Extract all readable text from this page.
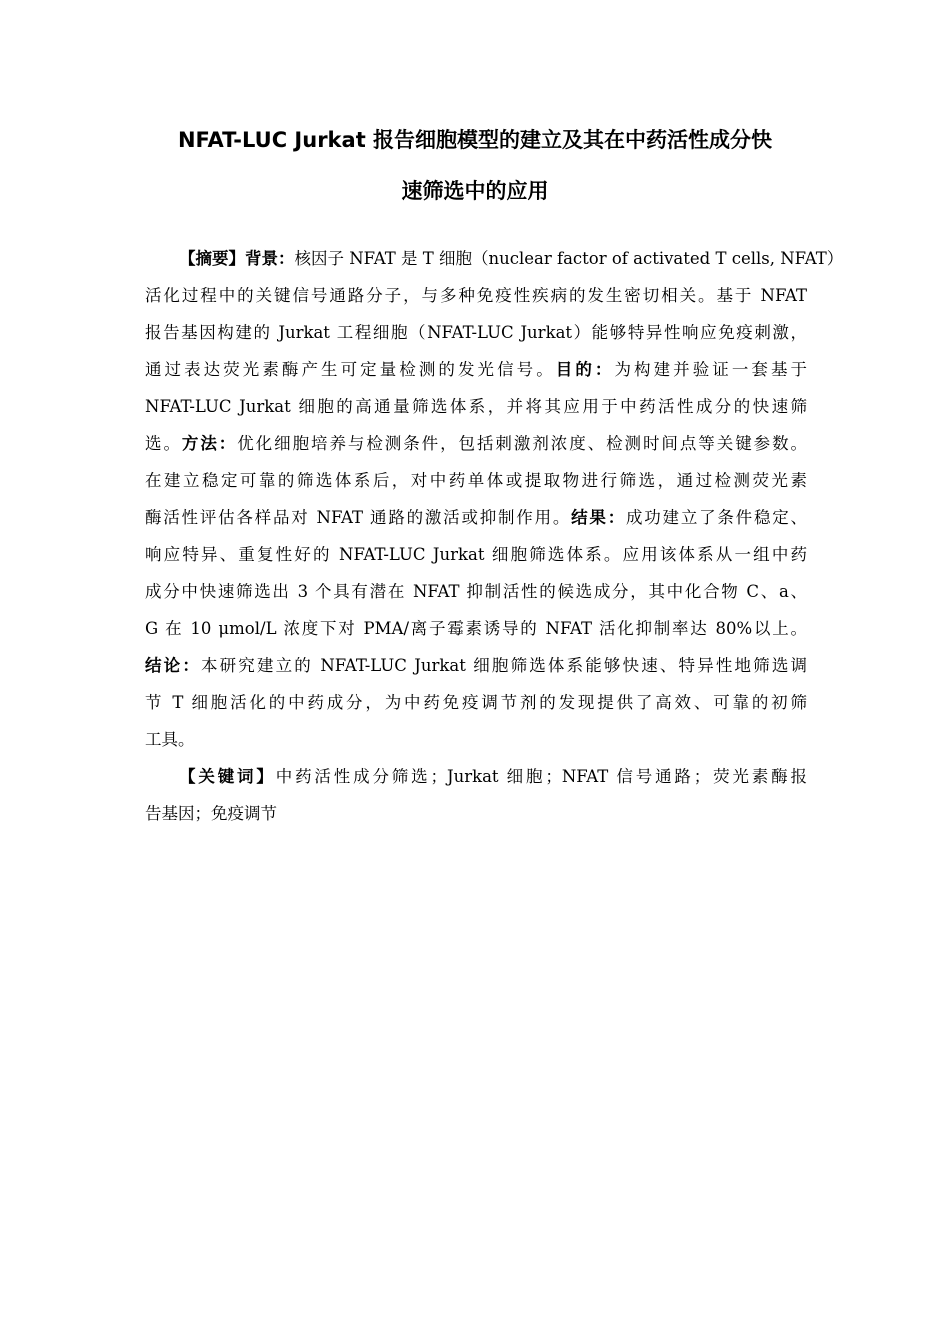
NFAT-LUC Jurkat 报告细胞模型的建立及其在中药活性成分快
速筛选中的应用
【摘要】背景：核因子 NFAT 是 T 细胞（nuclear factor of activated T cells, NFAT）
活化过程中的关键信号通路分子，与多种免疫性疾病的发生密切相关。基于 NFAT
报告基因构建的 Jurkat 工程细胞（NFAT-LUC Jurkat）能够特异性响应免疫刺激，
通过表达荧光素酶产生可定量检测的发光信号。目的：为构建并验证一套基于
NFAT-LUC Jurkat 细胞的高通量筛选体系，并将其应用于中药活性成分的快速筛
选。方法：优化细胞培养与检测条件，包括刺激剂浓度、检测时间点等关键参数。
在建立稳定可靠的筛选体系后，对中药单体或提取物进行筛选，通过检测荧光素
酶活性评估各样品对 NFAT 通路的激活或抑制作用。结果：成功建立了条件稳定、
响应特异、重复性好的 NFAT-LUC Jurkat 细胞筛选体系。应用该体系从一组中药
成分中快速筛选出 3 个具有潜在 NFAT 抑制活性的候选成分，其中化合物 C、a、
G 在 10 μmol/L 浓度下对 PMA/离子霉素诱导的 NFAT 活化抑制率达 80%以上。
结论：本研究建立的 NFAT-LUC Jurkat 细胞筛选体系能够快速、特异性地筛选调
节 T 细胞活化的中药成分，为中药免疫调节剂的发现提供了高效、可靠的初筛
工具。
【关键词】中药活性成分筛选；Jurkat 细胞；NFAT 信号通路；荧光素酶报
告基因；免疫调节
